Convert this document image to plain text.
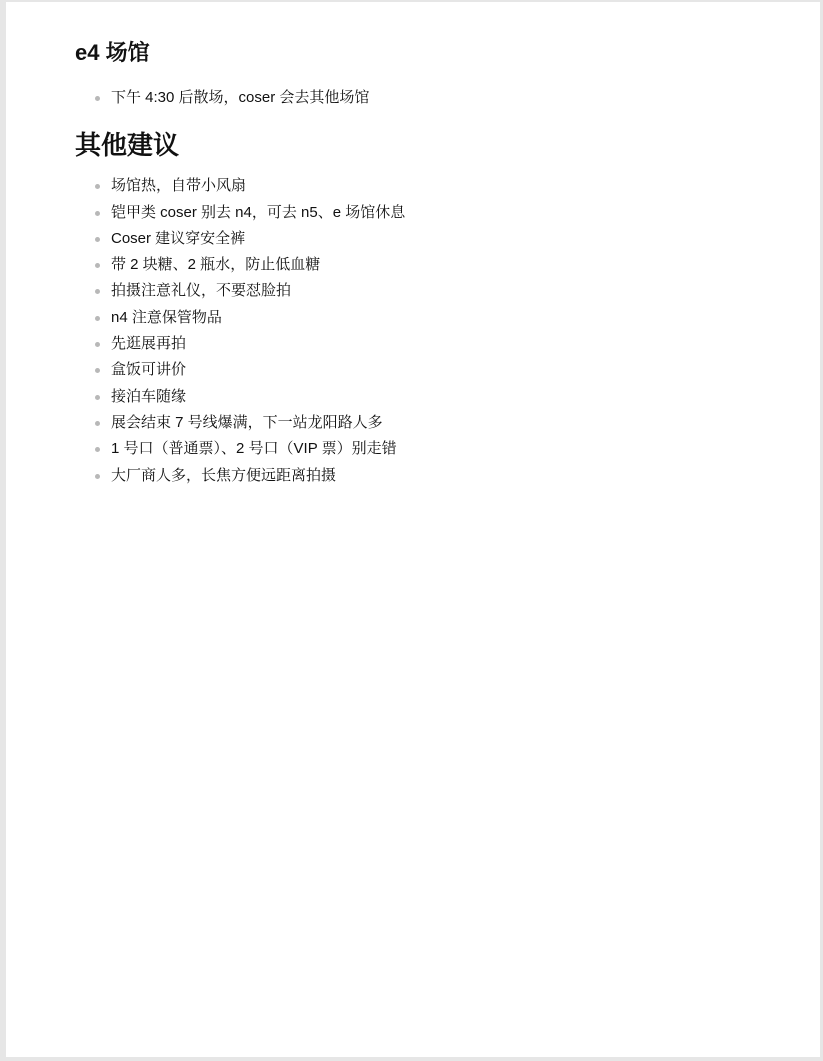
e4 场馆
下午 4:30 后散场，coser 会去其他场馆
其他建议
场馆热，自带小风扇
铠甲类 coser 别去 n4，可去 n5、e 场馆休息
Coser 建议穿安全裤
带 2 块糖、2 瓶水，防止低血糖
拍摄注意礼仪，不要怼脸拍
n4 注意保管物品
先逛展再拍
盒饭可讲价
接泊车随缘
展会结束 7 号线爆满，下一站龙阳路人多
1 号口（普通票）、2 号口（VIP 票）别走错
大厂商人多，长焦方便远距离拍摄
